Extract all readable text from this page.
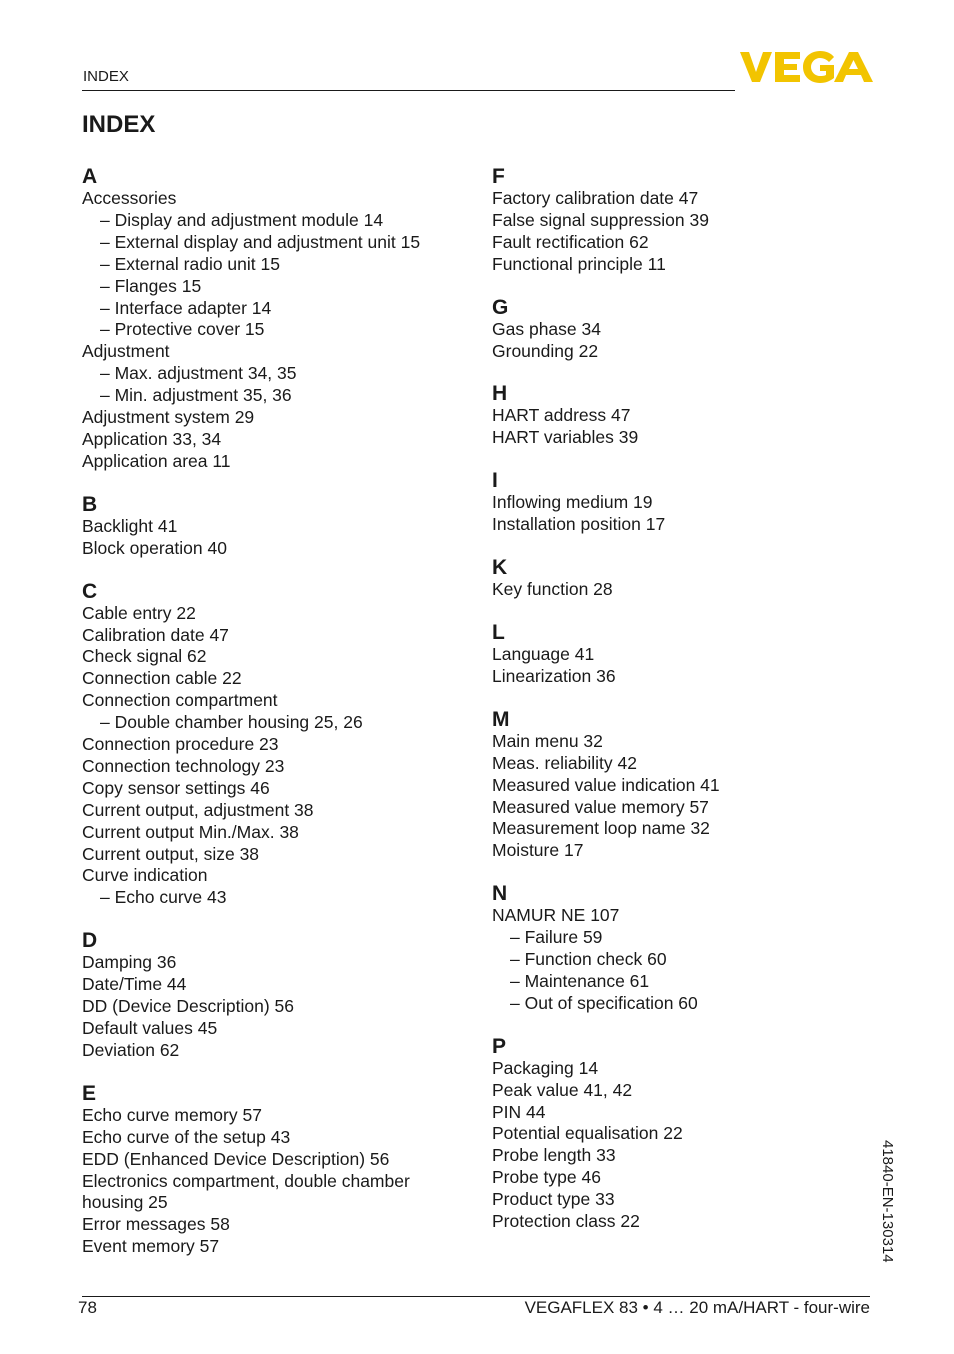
INDEX
INDEX
A
Accessories
– Display and adjustment module 14
– External display and adjustment unit 15
– External radio unit 15
– Flanges 15
– Interface adapter 14
– Protective cover 15
Adjustment
– Max. adjustment 34, 35
– Min. adjustment 35, 36
Adjustment system 29
Application 33, 34
Application area 11
B
Backlight 41
Block operation 40
C
Cable entry 22
Calibration date 47
Check signal 62
Connection cable 22
Connection compartment
– Double chamber housing 25, 26
Connection procedure 23
Connection technology 23
Copy sensor settings 46
Current output, adjustment 38
Current output Min./Max. 38
Current output, size 38
Curve indication
– Echo curve 43
D
Damping 36
Date/Time 44
DD (Device Description) 56
Default values 45
Deviation 62
E
Echo curve memory 57
Echo curve of the setup 43
EDD (Enhanced Device Description) 56
Electronics compartment, double chamber
housing 25
Error messages 58
Event memory 57
F
Factory calibration date 47
False signal suppression 39
Fault rectification 62
Functional principle 11
G
Gas phase 34
Grounding 22
H
HART address 47
HART variables 39
I
Inflowing medium 19
Installation position 17
K
Key function 28
L
Language 41
Linearization 36
M
Main menu 32
Meas. reliability 42
Measured value indication 41
Measured value memory 57
Measurement loop name 32
Moisture 17
N
NAMUR NE 107
– Failure 59
– Function check 60
– Maintenance 61
– Out of specification 60
P
Packaging 14
Peak value 41, 42
PIN 44
Potential equalisation 22
Probe length 33
Probe type 46
Product type 33
Protection class 22
78	VEGAFLEX 83 • 4 … 20 mA/HART - four-wire
41840-EN-130314
